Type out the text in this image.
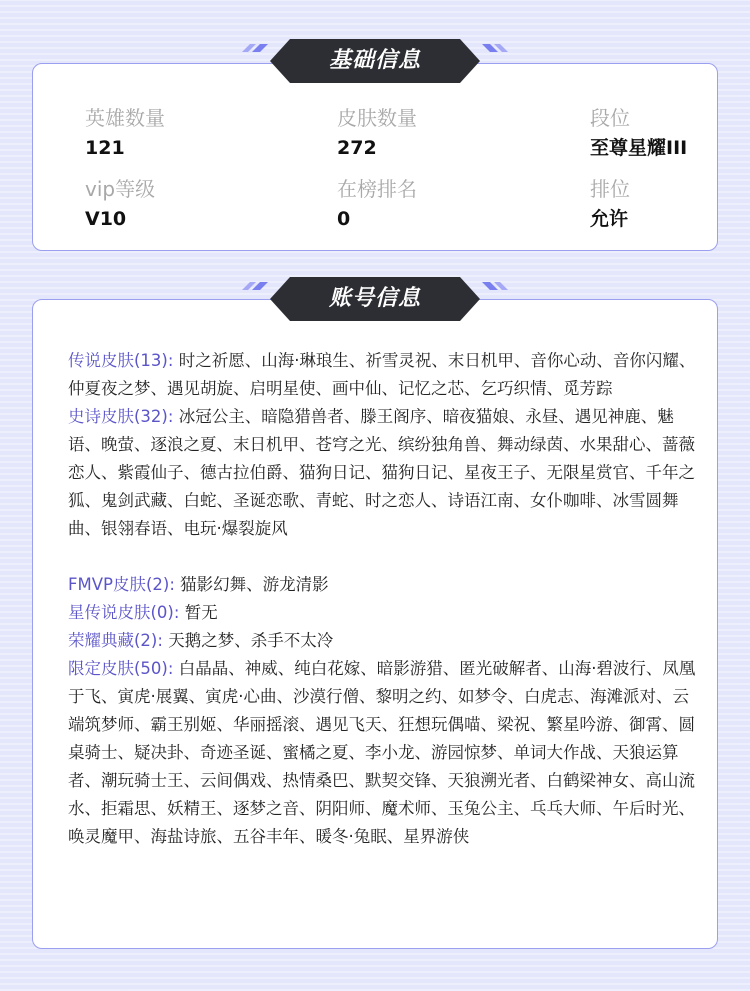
基础信息
英雄数量
121
皮肤数量
272
段位
至尊星耀III
vip等级
V10
在榜排名
0
排位
允许
账号信息

传说皮肤(13): 时之祈愿、山海·琳琅生、祈雪灵祝、末日机甲、音你心动、音你闪耀、仲夏夜之梦、遇见胡旋、启明星使、画中仙、记忆之芯、乞巧织情、觅芳踪

史诗皮肤(32): 冰冠公主、暗隐猎兽者、滕王阁序、暗夜猫娘、永昼、遇见神鹿、魅语、晚萤、逐浪之夏、末日机甲、苍穹之光、缤纷独角兽、舞动绿茵、水果甜心、蔷薇恋人、紫霞仙子、德古拉伯爵、猫狗日记、猫狗日记、星夜王子、无限星赏官、千年之狐、鬼剑武藏、白蛇、圣诞恋歌、青蛇、时之恋人、诗语江南、女仆咖啡、冰雪圆舞曲、银翎春语、电玩·爆裂旋风

FMVP皮肤(2): 猫影幻舞、游龙清影

星传说皮肤(0): 暂无

荣耀典藏(2): 天鹅之梦、杀手不太冷

限定皮肤(50): 白晶晶、神威、纯白花嫁、暗影游猎、匿光破解者、山海·碧波行、凤凰于飞、寅虎·展翼、寅虎·心曲、沙漠行僧、黎明之约、如梦令、白虎志、海滩派对、云端筑梦师、霸王别姬、华丽摇滚、遇见飞天、狂想玩偶喵、梁祝、繁星吟游、御霄、圆桌骑士、疑决卦、奇迹圣诞、蜜橘之夏、李小龙、游园惊梦、单词大作战、天狼运算者、潮玩骑士王、云间偶戏、热情桑巴、默契交锋、天狼溯光者、白鹤梁神女、高山流水、拒霜思、妖精王、逐梦之音、阴阳师、魔术师、玉兔公主、乓乓大师、午后时光、唤灵魔甲、海盐诗旅、五谷丰年、暖冬·兔眠、星界游侠
